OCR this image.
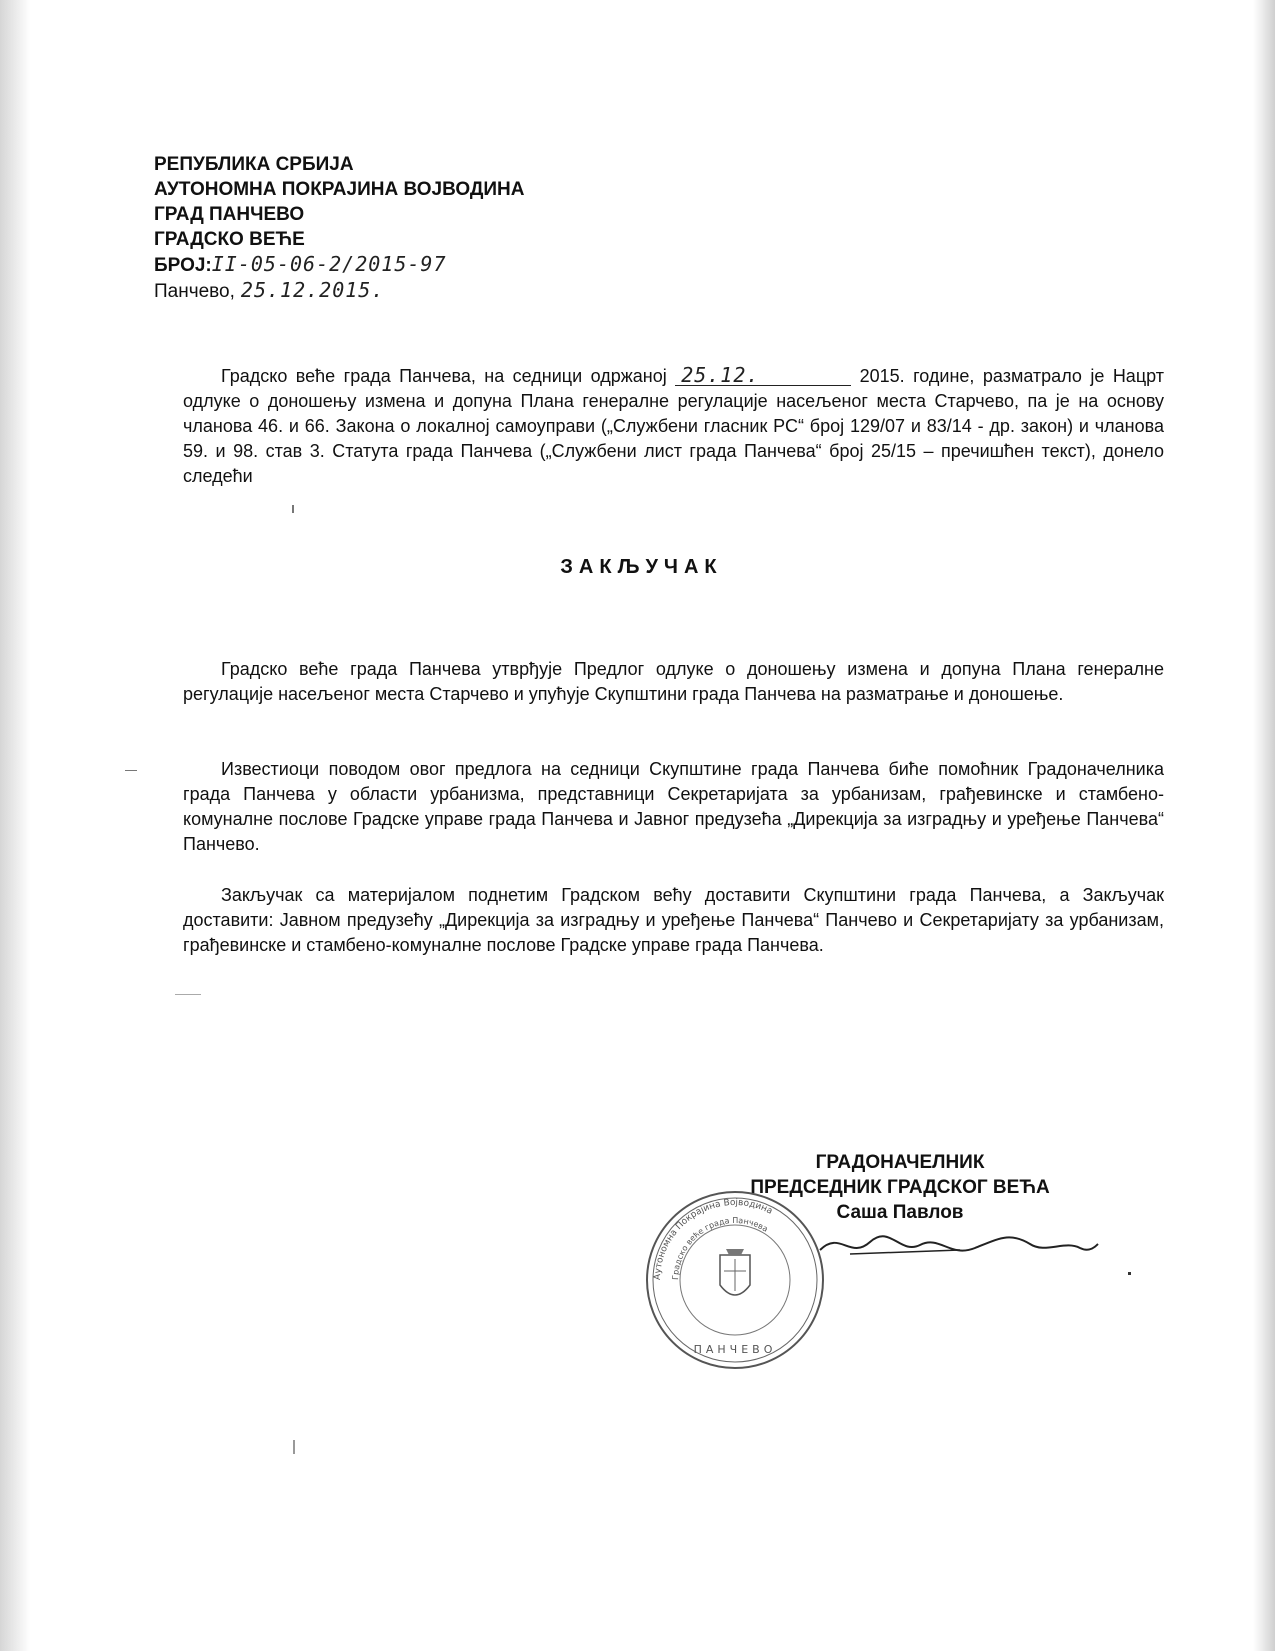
РЕПУБЛИКА СРБИЈА
АУТОНОМНА ПОКРАЈИНА ВОЈВОДИНА
ГРАД ПАНЧЕВО
ГРАДСКО ВЕЋЕ
БРОЈ: II-05-06-2/2015-97
Панчево, 25.12.2015.
Градско веће града Панчева, на седници одржаној 25.12.	2015. године, разматрало је Нацрт одлуке о доношењу измена и допуна Плана генералне регулације насељеног места Старчево, па је на основу чланова 46. и 66. Закона о локалној самоуправи („Службени гласник РС“ број 129/07 и 83/14 - др. закон) и чланова 59. и 98. став 3. Статута града Панчева („Службени лист града Панчева“ број 25/15 – пречишћен текст), донело следећи
ЗАКЉУЧАК
Градско веће града Панчева утврђује Предлог одлуке о доношењу измена и допуна Плана генералне регулације насељеног места Старчево и упућује Скупштини града Панчева на разматрање и доношење.
Известиоци поводом овог предлога на седници Скупштине града Панчева биће помоћник Градоначелника града Панчева у области урбанизма, представници Секретаријата за урбанизам, грађевинске и стамбено-комуналне послове Градске управе града Панчева и Јавног предузећа „Дирекција за изградњу и уређење Панчева“ Панчево.
Закључак са материјалом поднетим Градском већу доставити Скупштини града Панчева, а Закључак доставити: Јавном предузећу „Дирекција за изградњу и уређење Панчева“ Панчево и Секретаријату за урбанизам, грађевинске и стамбено-комуналне послове Градске управе града Панчева.
ГРАДОНАЧЕЛНИК
ПРЕДСЕДНИК ГРАДСКОГ ВЕЋА
Саша Павлов
Аутономна Покрајина Војводина
Градско веће града Панчева
ПАНЧЕВО
